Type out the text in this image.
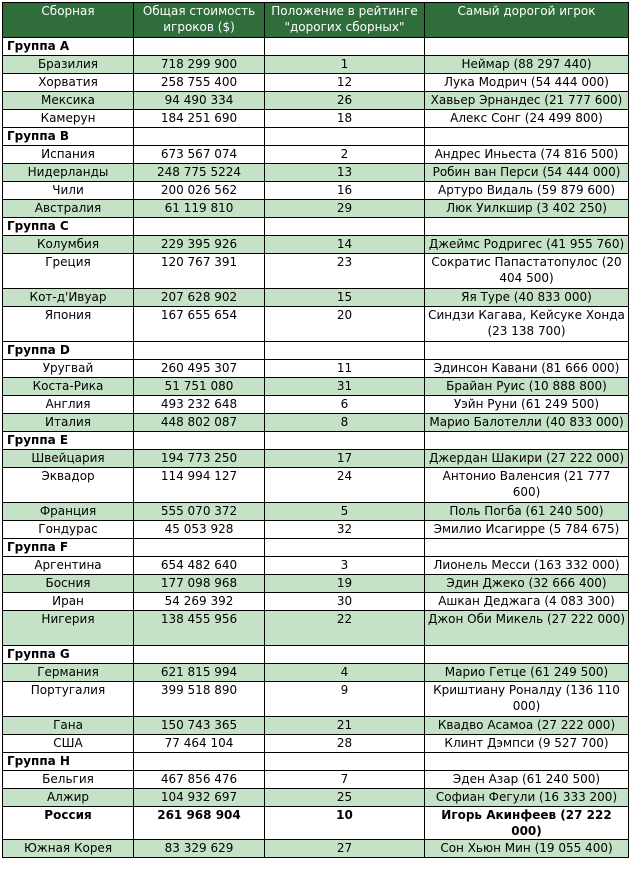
Сборная	Общая стоимость игроков ($)	Положение в рейтинге "дорогих сборных"	Самый дорогой игрок
Группа A			
Бразилия	718 299 900	1	Неймар (88 297 440)
Хорватия	258 755 400	12	Лука Модрич (54 444 000)
Мексика	94 490 334	26	Хавьер Эрнандес (21 777 600)
Камерун	184 251 690	18	Алекс Сонг (24 499 800)
Группа B			
Испания	673 567 074	2	Андрес Иньеста (74 816 500)
Нидерланды	248 775 5224	13	Робин ван Перси (54 444 000)
Чили	200 026 562	16	Артуро Видаль (59 879 600)
Австралия	61 119 810	29	Люк Уилкшир (3 402 250)
Группа C			
Колумбия	229 395 926	14	Джеймс Родригес (41 955 760)
Греция	120 767 391	23	Сократис Папастатопулос (20 404 500)
Кот-д'Ивуар	207 628 902	15	Яя Туре (40 833 000)
Япония	167 655 654	20	Синдзи Кагава, Кейсуке Хонда (23 138 700)
Группа D			
Уругвай	260 495 307	11	Эдинсон Кавани (81 666 000)
Коста-Рика	51 751 080	31	Брайан Руис (10 888 800)
Англия	493 232 648	6	Уэйн Руни (61 249 500)
Италия	448 802 087	8	Марио Балотелли (40 833 000)
Группа E			
Швейцария	194 773 250	17	Джердан Шакири (27 222 000)
Эквадор	114 994 127	24	Антонио Валенсия (21 777 600)
Франция	555 070 372	5	Поль Погба (61 240 500)
Гондурас	45 053 928	32	Эмилио Исагирре (5 784 675)
Группа F			
Аргентина	654 482 640	3	Лионель Месси (163 332 000)
Босния	177 098 968	19	Эдин Джеко (32 666 400)
Иран	54 269 392	30	Ашкан Деджага (4 083 300)
Нигерия	138 455 956	22	Джон Оби Микель (27 222 000)
Группа G			
Германия	621 815 994	4	Марио Гетце (61 249 500)
Португалия	399 518 890	9	Криштиану Роналду (136 110 000)
Гана	150 743 365	21	Квадво Асамоа (27 222 000)
США	77 464 104	28	Клинт Дэмпси (9 527 700)
Группа H			
Бельгия	467 856 476	7	Эден Азар (61 240 500)
Алжир	104 932 697	25	Софиан Фегули (16 333 200)
Россия	261 968 904	10	Игорь Акинфеев (27 222 000)
Южная Корея	83 329 629	27	Сон Хьюн Мин (19 055 400)
